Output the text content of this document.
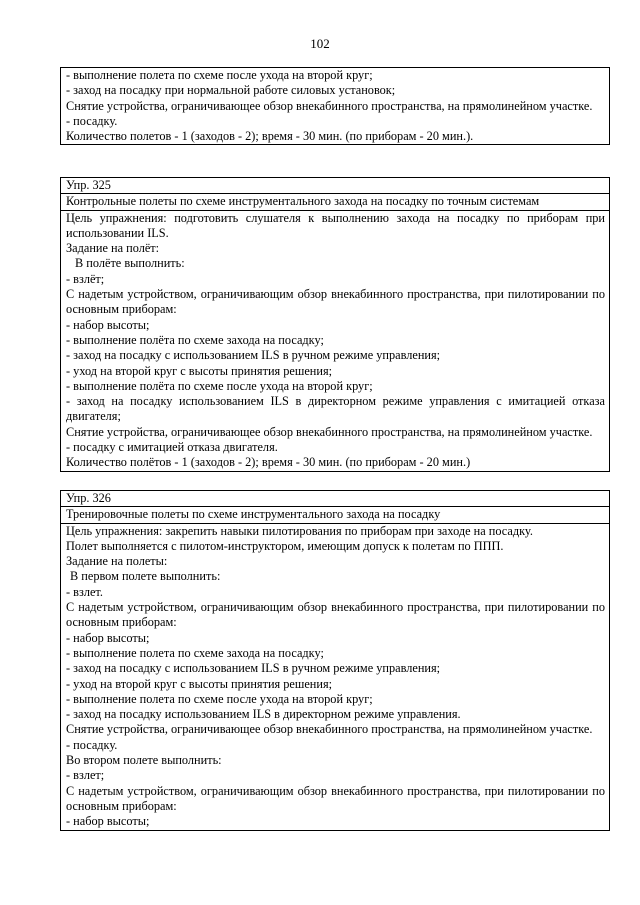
102
- выполнение полета по схеме после ухода на второй круг;
- заход на посадку при нормальной работе силовых установок;
Снятие устройства, ограничивающее обзор внекабинного пространства, на прямолинейном участке.
- посадку.
Количество полетов - 1 (заходов - 2); время - 30 мин. (по приборам - 20 мин.).
Упр. 325
Контрольные полеты по схеме инструментального захода на посадку по точным системам
Цель упражнения: подготовить слушателя к выполнению захода на посадку по приборам при использовании ILS.
Задание на полёт:
В полёте выполнить:
- взлёт;
С надетым устройством, ограничивающим обзор внекабинного пространства, при пилотировании по основным приборам:
- набор высоты;
- выполнение полёта по схеме захода на посадку;
- заход на посадку с использованием ILS в ручном режиме управления;
- уход на второй круг с высоты принятия решения;
- выполнение полёта по схеме после ухода на второй круг;
- заход на посадку использованием ILS в директорном режиме управления с имитацией отказа двигателя;
Снятие устройства, ограничивающее обзор внекабинного пространства, на прямолинейном участке.
- посадку с имитацией отказа двигателя.
Количество полётов - 1 (заходов - 2); время - 30 мин. (по приборам - 20 мин.)
Упр. 326
Тренировочные полеты по схеме инструментального захода на посадку
Цель упражнения: закрепить навыки пилотирования по приборам при заходе на посадку.
Полет выполняется с пилотом-инструктором, имеющим допуск к полетам по ППП.
Задание на полеты:
В первом полете выполнить:
- взлет.
С надетым устройством, ограничивающим обзор внекабинного пространства, при пилотировании по основным приборам:
- набор высоты;
- выполнение полета по схеме захода на посадку;
- заход на посадку с использованием ILS в ручном режиме управления;
- уход на второй круг с высоты принятия решения;
- выполнение полета по схеме после ухода на второй круг;
- заход на посадку использованием ILS в директорном режиме управления.
Снятие устройства, ограничивающее обзор внекабинного пространства, на прямолинейном участке.
- посадку.
Во втором полете выполнить:
- взлет;
С надетым устройством, ограничивающим обзор внекабинного пространства, при пилотировании по основным приборам:
- набор высоты;
